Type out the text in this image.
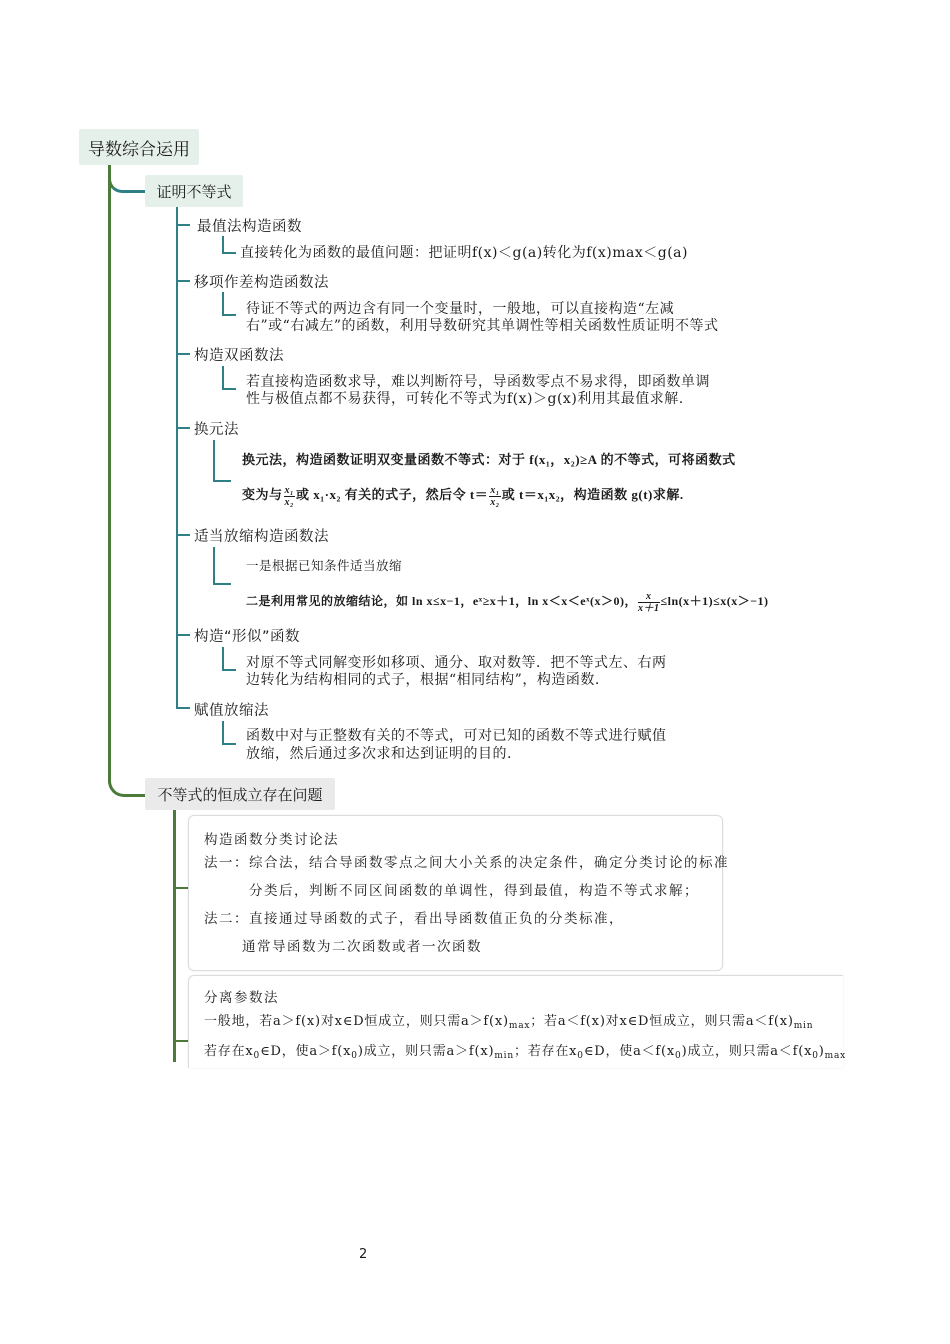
导数综合运用
证明不等式
最值法构造函数
直接转化为函数的最值问题：把证明f(x)＜g(a)转化为f(x)max＜g(a)
移项作差构造函数法
待证不等式的两边含有同一个变量时，一般地，可以直接构造“左减
右”或“右减左”的函数，利用导数研究其单调性等相关函数性质证明不等式
构造双函数法
若直接构造函数求导，难以判断符号，导函数零点不易求得，即函数单调
性与极值点都不易获得，可转化不等式为f(x)＞g(x)利用其最值求解.
换元法
换元法，构造函数证明双变量函数不等式：对于 f(x₁，x₂)≥A 的不等式，可将函数式
变为与 $\frac{\text{x₁}}{\text{x₂}}$ 或 x₁·x₂ 有关的式子，然后令 $t= \frac{\text{x₁}}{\text{x₂}}$ 或 t＝x₁x₂，构造函数 g(t)求解.
适当放缩构造函数法
一是根据已知条件适当放缩
二是利用常见的放缩结论，如 ln x≤x−1，eˣ≥x＋1，ln x＜x＜eˣ(x＞0)， $\frac{x}{x+1} \le\ln(x+1)\le x(x>-1)$
构造“形似”函数
对原不等式同解变形如移项、通分、取对数等．把不等式左、右两
边转化为结构相同的式子，根据“相同结构”，构造函数.
赋值放缩法
函数中对与正整数有关的不等式，可对已知的函数不等式进行赋值
放缩，然后通过多次求和达到证明的目的.
不等式的恒成立存在问题
构造函数分类讨论法
法一：综合法，结合导函数零点之间大小关系的决定条件，确定分类讨论的标准
分类后，判断不同区间函数的单调性，得到最值，构造不等式求解；
法二：直接通过导函数的式子，看出导函数值正负的分类标准，
通常导函数为二次函数或者一次函数
分离参数法
一般地，若a＞f(x)对x∈D恒成立，则只需$a>f(x)_{max}$；若a＜f(x)对x∈D恒成立，则只需$a<f(x)_{min}$
若存在$x_0\in D$，使$a>f(x_0)$成立，则只需$a>f(x)_{min}$；若存在$x_0\in D$，使$a<f(x_0)$成立，则只需$a<f(x_0)_{max}$
2
